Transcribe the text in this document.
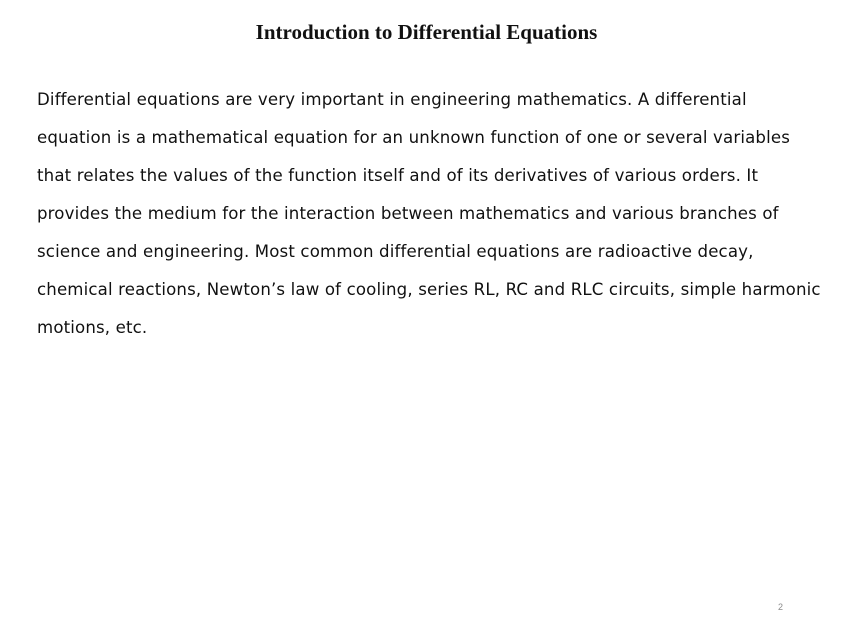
Introduction to Differential Equations
Differential equations are very important in engineering mathematics. A differential
equation is a mathematical equation for an unknown function of one or several variables
that relates the values of the function itself and of its derivatives of various orders. It
provides the medium for the interaction between mathematics and various branches of
science and engineering. Most common differential equations are radioactive decay,
chemical reactions, Newton’s law of cooling, series RL, RC and RLC circuits, simple harmonic
motions, etc.
2
